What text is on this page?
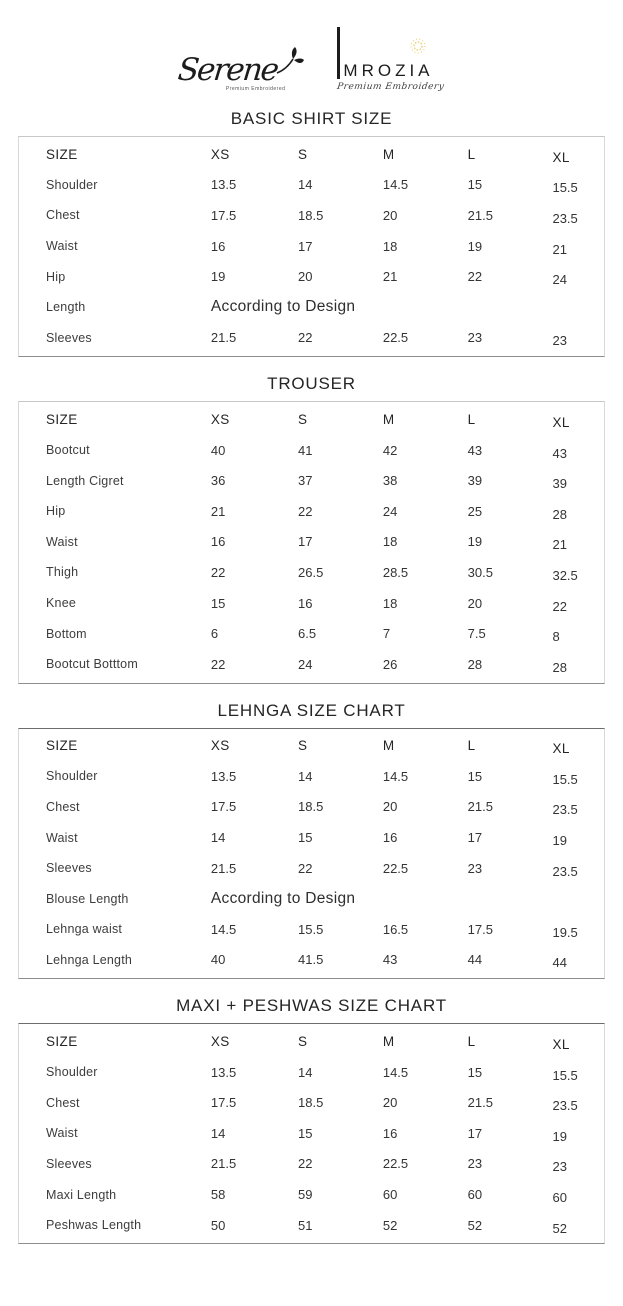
Serene
Premium Embroidered
MROZIA
Premium Embroidery
BASIC SHIRT SIZE
SIZE	XS	S	M	L	XL
Shoulder	13.5	14	14.5	15	15.5
Chest	17.5	18.5	20	21.5	23.5
Waist	16	17	18	19	21
Hip	19	20	21	22	24
Length	According to Design
Sleeves	21.5	22	22.5	23	23
TROUSER
SIZE	XS	S	M	L	XL
Bootcut	40	41	42	43	43
Length Cigret	36	37	38	39	39
Hip	21	22	24	25	28
Waist	16	17	18	19	21
Thigh	22	26.5	28.5	30.5	32.5
Knee	15	16	18	20	22
Bottom	6	6.5	7	7.5	8
Bootcut Botttom	22	24	26	28	28
LEHNGA SIZE CHART
SIZE	XS	S	M	L	XL
Shoulder	13.5	14	14.5	15	15.5
Chest	17.5	18.5	20	21.5	23.5
Waist	14	15	16	17	19
Sleeves	21.5	22	22.5	23	23.5
Blouse Length	According to Design
Lehnga waist	14.5	15.5	16.5	17.5	19.5
Lehnga Length	40	41.5	43	44	44
MAXI + PESHWAS SIZE CHART
SIZE	XS	S	M	L	XL
Shoulder	13.5	14	14.5	15	15.5
Chest	17.5	18.5	20	21.5	23.5
Waist	14	15	16	17	19
Sleeves	21.5	22	22.5	23	23
Maxi Length	58	59	60	60	60
Peshwas Length	50	51	52	52	52
